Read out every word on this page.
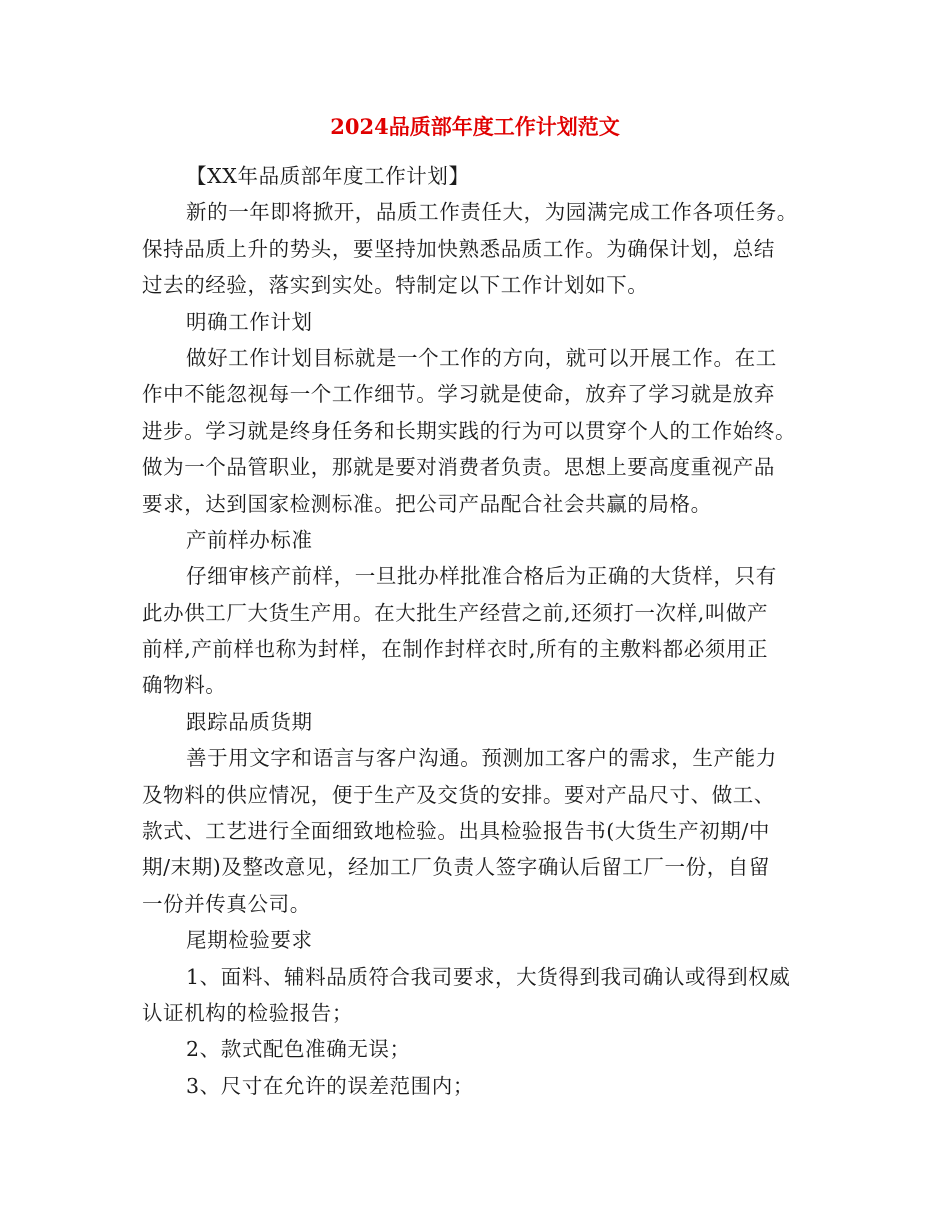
2024品质部年度工作计划范文
【XX年品质部年度工作计划】
新的一年即将掀开，品质工作责任大，为园满完成工作各项任务。
保持品质上升的势头，要坚持加快熟悉品质工作。为确保计划，总结
过去的经验，落实到实处。特制定以下工作计划如下。
明确工作计划
做好工作计划目标就是一个工作的方向，就可以开展工作。在工
作中不能忽视每一个工作细节。学习就是使命，放弃了学习就是放弃
进步。学习就是终身任务和长期实践的行为可以贯穿个人的工作始终。
做为一个品管职业，那就是要对消费者负责。思想上要高度重视产品
要求，达到国家检测标准。把公司产品配合社会共赢的局格。
产前样办标准
仔细审核产前样，一旦批办样批准合格后为正确的大货样，只有
此办供工厂大货生产用。在大批生产经营之前,还须打一次样,叫做产
前样,产前样也称为封样，在制作封样衣时,所有的主敷料都必须用正
确物料。
跟踪品质货期
善于用文字和语言与客户沟通。预测加工客户的需求，生产能力
及物料的供应情况，便于生产及交货的安排。要对产品尺寸、做工、
款式、工艺进行全面细致地检验。出具检验报告书(大货生产初期/中
期/末期)及整改意见，经加工厂负责人签字确认后留工厂一份，自留
一份并传真公司。
尾期检验要求
1、面料、辅料品质符合我司要求，大货得到我司确认或得到权威
认证机构的检验报告；
2、款式配色准确无误；
3、尺寸在允许的误差范围内；
